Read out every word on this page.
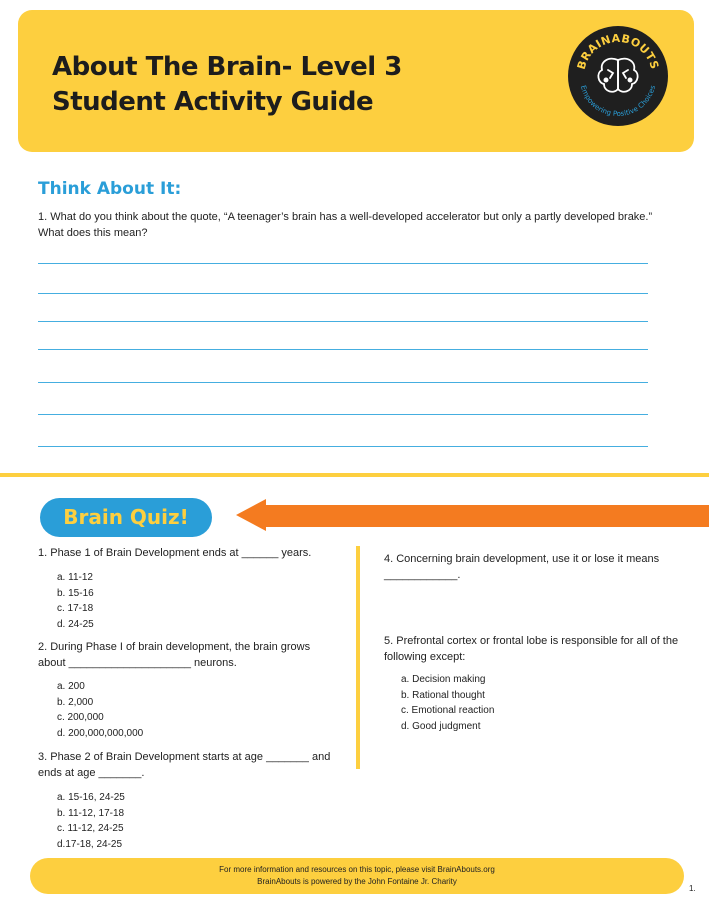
About The Brain- Level 3
Student Activity Guide
BRAINABOUTS
Empowering Positive Choices
Think About It:
1. What do you think about the quote, “A teenager’s brain has a well-developed accelerator but only a partly developed brake.” What does this mean?
Brain Quiz!
1. Phase 1 of Brain Development ends at ______ years.
a. 11-12
b. 15-16
c. 17-18
d. 24-25
2. During Phase I of brain development, the brain grows about ____________________ neurons.
a. 200
b. 2,000
c. 200,000
d. 200,000,000,000
3. Phase 2 of Brain Development starts at age _______ and ends at age _______.
a. 15-16, 24-25
b. 11-12, 17-18
c. 11-12, 24-25
d.17-18, 24-25
4. Concerning brain development, use it or lose it means ____________.
5. Prefrontal cortex or frontal lobe is responsible for all of the following except:
a. Decision making
b. Rational thought
c. Emotional reaction
d. Good judgment
For more information and resources on this topic, please visit BrainAbouts.org
BrainAbouts is powered by the John Fontaine Jr. Charity
1.
